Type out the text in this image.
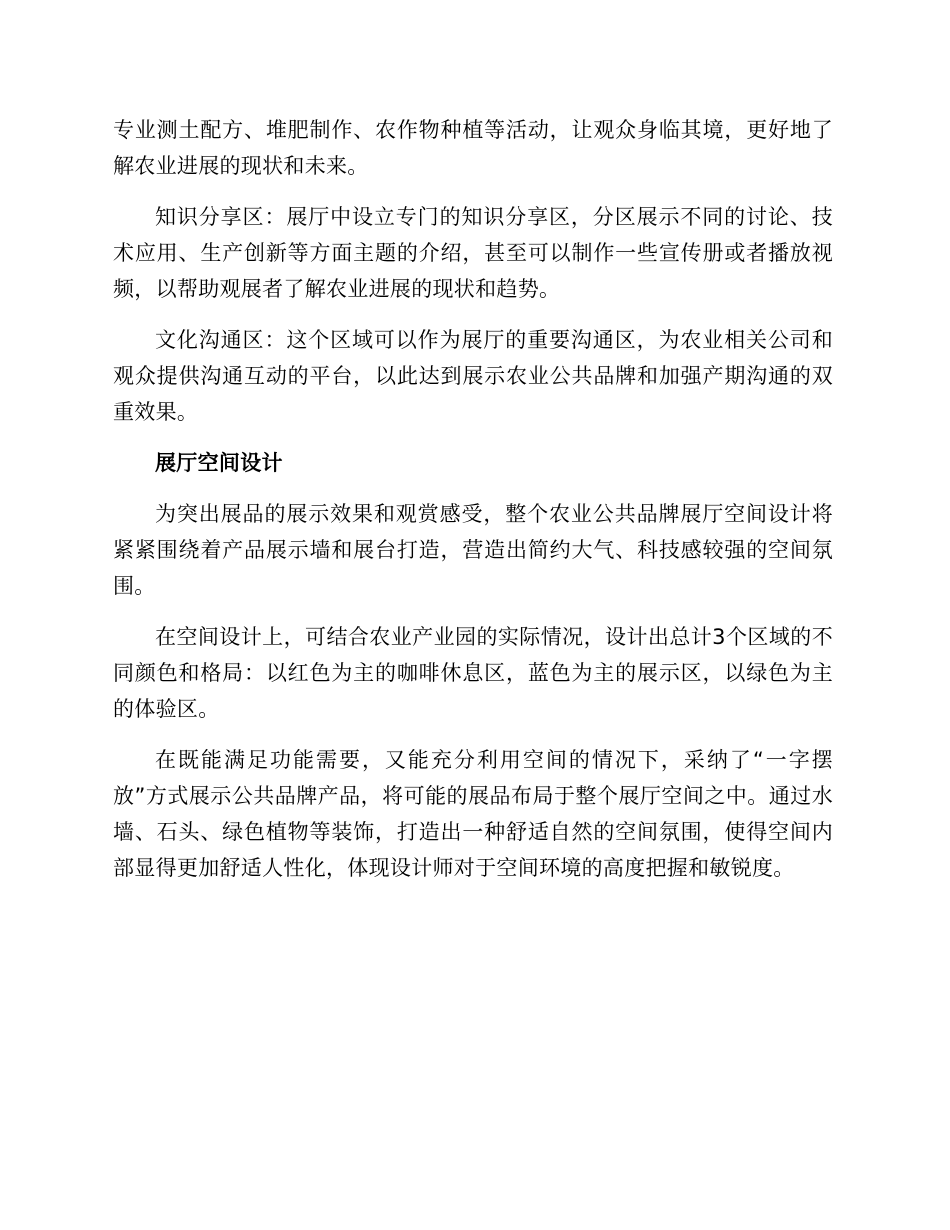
专业测土配方、堆肥制作、农作物种植等活动，让观众身临其境，更好地了解农业进展的现状和未来。

知识分享区：展厅中设立专门的知识分享区，分区展示不同的讨论、技术应用、生产创新等方面主题的介绍，甚至可以制作一些宣传册或者播放视频，以帮助观展者了解农业进展的现状和趋势。

文化沟通区：这个区域可以作为展厅的重要沟通区，为农业相关公司和观众提供沟通互动的平台，以此达到展示农业公共品牌和加强产期沟通的双重效果。

展厅空间设计

为突出展品的展示效果和观赏感受，整个农业公共品牌展厅空间设计将紧紧围绕着产品展示墙和展台打造，营造出简约大气、科技感较强的空间氛围。

在空间设计上，可结合农业产业园的实际情况，设计出总计3个区域的不同颜色和格局：以红色为主的咖啡休息区，蓝色为主的展示区，以绿色为主的体验区。

在既能满足功能需要，又能充分利用空间的情况下，采纳了“一字摆放”方式展示公共品牌产品，将可能的展品布局于整个展厅空间之中。通过水墙、石头、绿色植物等装饰，打造出一种舒适自然的空间氛围，使得空间内部显得更加舒适人性化，体现设计师对于空间环境的高度把握和敏锐度。
